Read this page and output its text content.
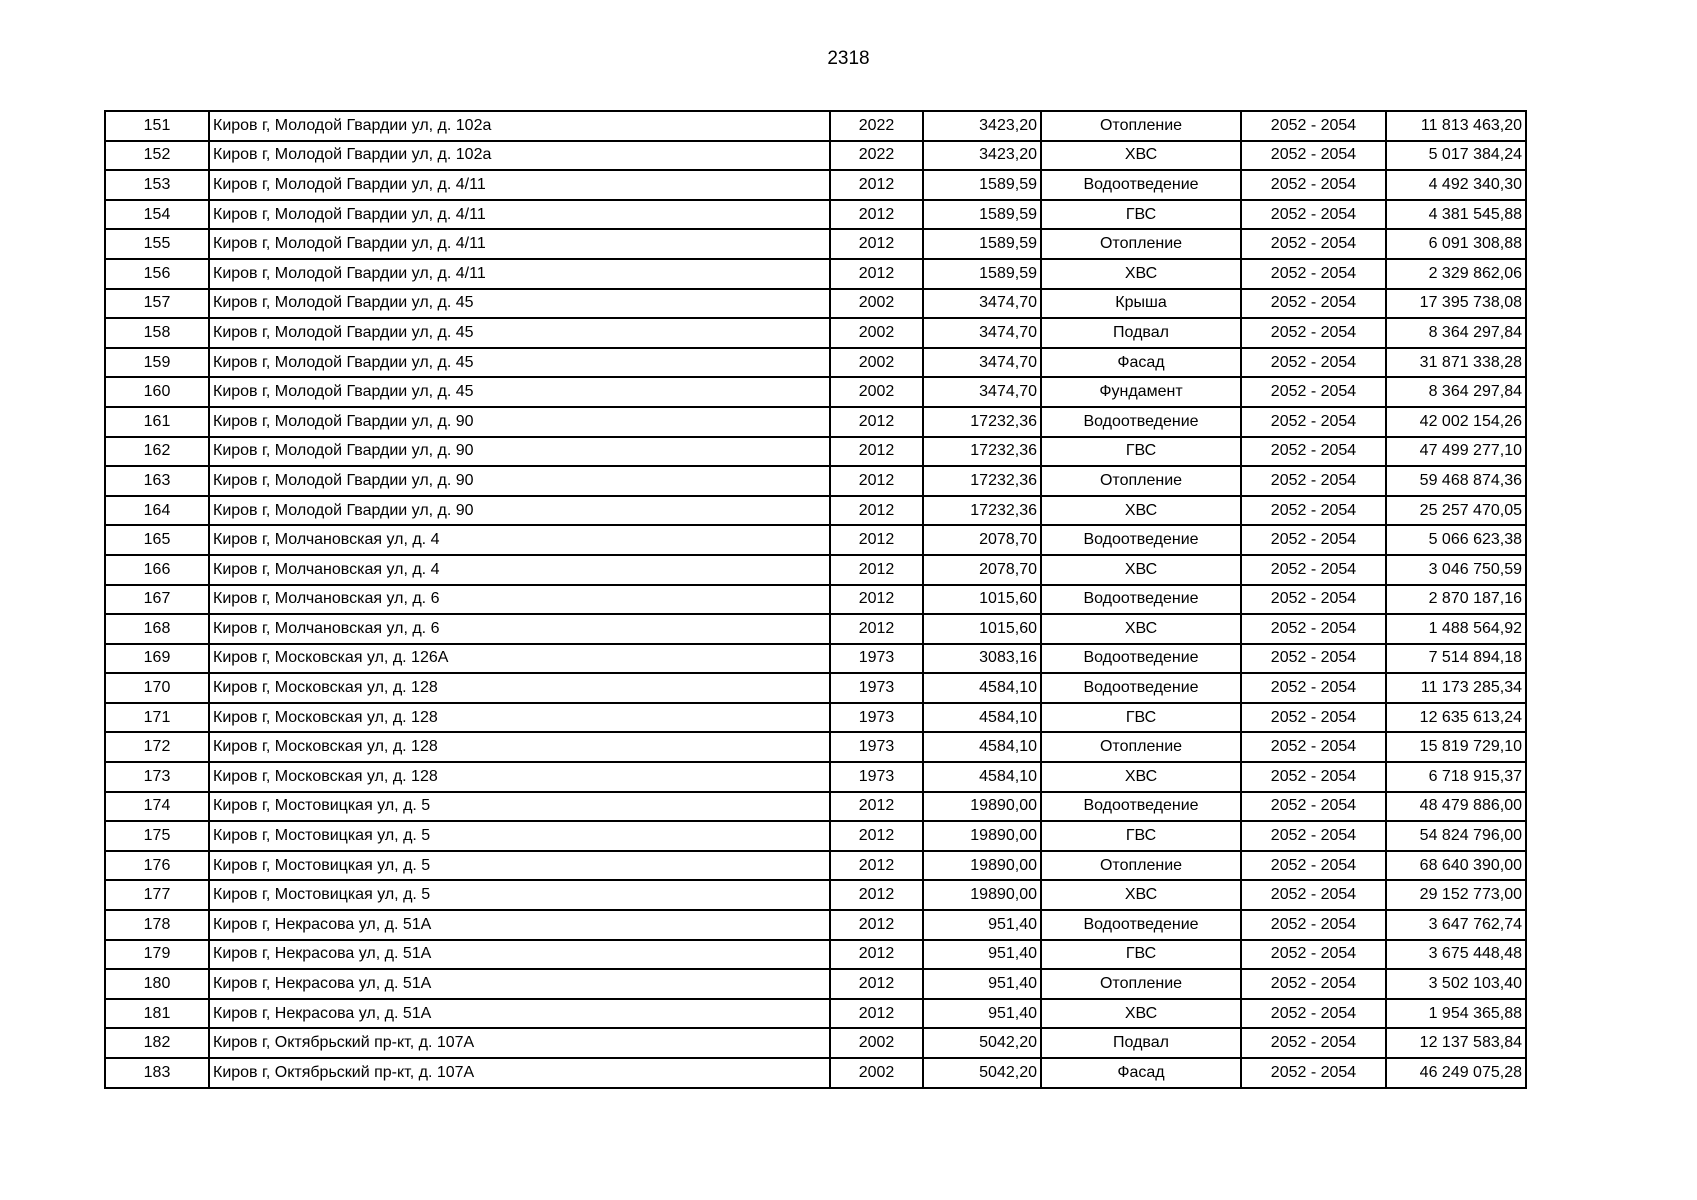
2318
151	Киров г, Молодой Гвардии ул, д. 102а	2022	3423,20	Отопление	2052 - 2054	11 813 463,20
152	Киров г, Молодой Гвардии ул, д. 102а	2022	3423,20	ХВС	2052 - 2054	5 017 384,24
153	Киров г, Молодой Гвардии ул, д. 4/11	2012	1589,59	Водоотведение	2052 - 2054	4 492 340,30
154	Киров г, Молодой Гвардии ул, д. 4/11	2012	1589,59	ГВС	2052 - 2054	4 381 545,88
155	Киров г, Молодой Гвардии ул, д. 4/11	2012	1589,59	Отопление	2052 - 2054	6 091 308,88
156	Киров г, Молодой Гвардии ул, д. 4/11	2012	1589,59	ХВС	2052 - 2054	2 329 862,06
157	Киров г, Молодой Гвардии ул, д. 45	2002	3474,70	Крыша	2052 - 2054	17 395 738,08
158	Киров г, Молодой Гвардии ул, д. 45	2002	3474,70	Подвал	2052 - 2054	8 364 297,84
159	Киров г, Молодой Гвардии ул, д. 45	2002	3474,70	Фасад	2052 - 2054	31 871 338,28
160	Киров г, Молодой Гвардии ул, д. 45	2002	3474,70	Фундамент	2052 - 2054	8 364 297,84
161	Киров г, Молодой Гвардии ул, д. 90	2012	17232,36	Водоотведение	2052 - 2054	42 002 154,26
162	Киров г, Молодой Гвардии ул, д. 90	2012	17232,36	ГВС	2052 - 2054	47 499 277,10
163	Киров г, Молодой Гвардии ул, д. 90	2012	17232,36	Отопление	2052 - 2054	59 468 874,36
164	Киров г, Молодой Гвардии ул, д. 90	2012	17232,36	ХВС	2052 - 2054	25 257 470,05
165	Киров г, Молчановская ул, д. 4	2012	2078,70	Водоотведение	2052 - 2054	5 066 623,38
166	Киров г, Молчановская ул, д. 4	2012	2078,70	ХВС	2052 - 2054	3 046 750,59
167	Киров г, Молчановская ул, д. 6	2012	1015,60	Водоотведение	2052 - 2054	2 870 187,16
168	Киров г, Молчановская ул, д. 6	2012	1015,60	ХВС	2052 - 2054	1 488 564,92
169	Киров г, Московская ул, д. 126А	1973	3083,16	Водоотведение	2052 - 2054	7 514 894,18
170	Киров г, Московская ул, д. 128	1973	4584,10	Водоотведение	2052 - 2054	11 173 285,34
171	Киров г, Московская ул, д. 128	1973	4584,10	ГВС	2052 - 2054	12 635 613,24
172	Киров г, Московская ул, д. 128	1973	4584,10	Отопление	2052 - 2054	15 819 729,10
173	Киров г, Московская ул, д. 128	1973	4584,10	ХВС	2052 - 2054	6 718 915,37
174	Киров г, Мостовицкая ул, д. 5	2012	19890,00	Водоотведение	2052 - 2054	48 479 886,00
175	Киров г, Мостовицкая ул, д. 5	2012	19890,00	ГВС	2052 - 2054	54 824 796,00
176	Киров г, Мостовицкая ул, д. 5	2012	19890,00	Отопление	2052 - 2054	68 640 390,00
177	Киров г, Мостовицкая ул, д. 5	2012	19890,00	ХВС	2052 - 2054	29 152 773,00
178	Киров г, Некрасова ул, д. 51А	2012	951,40	Водоотведение	2052 - 2054	3 647 762,74
179	Киров г, Некрасова ул, д. 51А	2012	951,40	ГВС	2052 - 2054	3 675 448,48
180	Киров г, Некрасова ул, д. 51А	2012	951,40	Отопление	2052 - 2054	3 502 103,40
181	Киров г, Некрасова ул, д. 51А	2012	951,40	ХВС	2052 - 2054	1 954 365,88
182	Киров г, Октябрьский пр-кт, д. 107А	2002	5042,20	Подвал	2052 - 2054	12 137 583,84
183	Киров г, Октябрьский пр-кт, д. 107А	2002	5042,20	Фасад	2052 - 2054	46 249 075,28
